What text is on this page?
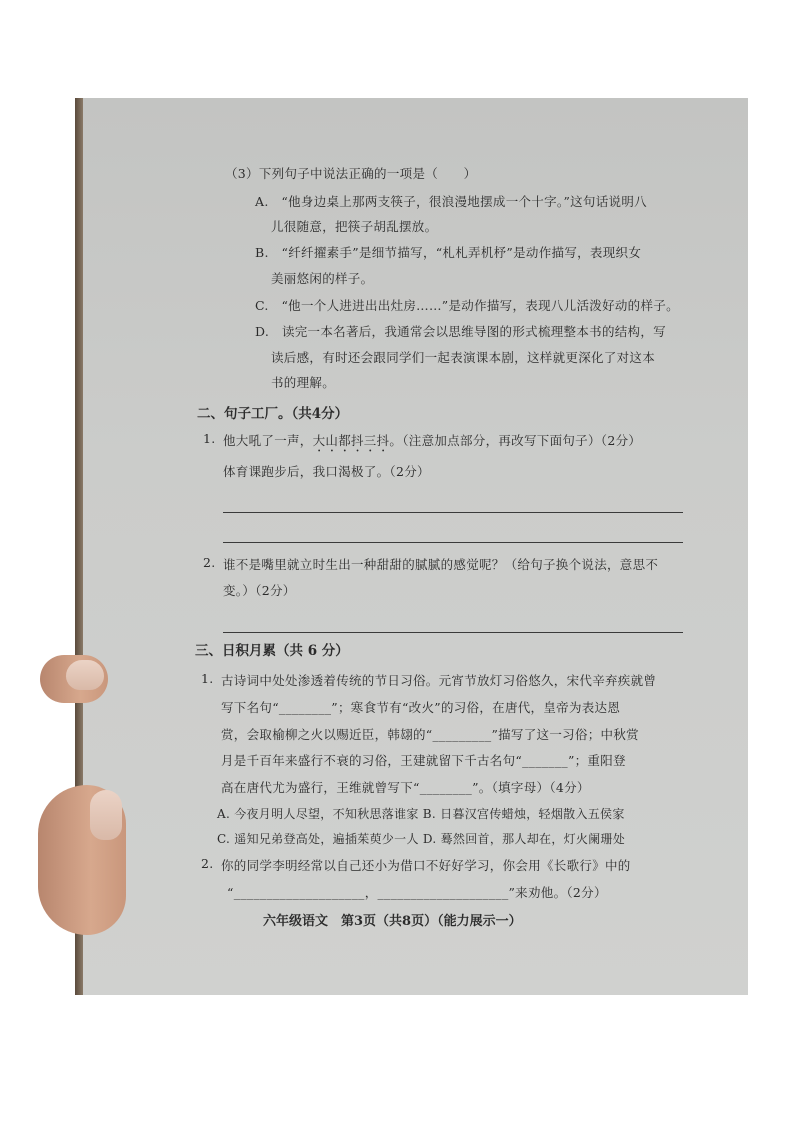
（3）下列句子中说法正确的一项是（　　）
A.　“他身边桌上那两支筷子，很浪漫地摆成一个十字。”这句话说明八
儿很随意，把筷子胡乱摆放。
B.　“纤纤擢素手”是细节描写，“札札弄机杼”是动作描写，表现织女
美丽悠闲的样子。
C.　“他一个人进进出出灶房……”是动作描写，表现八儿活泼好动的样子。
D.　读完一本名著后，我通常会以思维导图的形式梳理整本书的结构，写
读后感，有时还会跟同学们一起表演课本剧，这样就更深化了对这本
书的理解。
二、句子工厂。（共4分）
1. 他大吼了一声，大山都抖三抖。（注意加点部分，再改写下面句子）（2分）
体育课跑步后，我口渴极了。（2分）
2. 谁不是嘴里就立时生出一种甜甜的腻腻的感觉呢？（给句子换个说法，意思不
变。）（2分）
三、日积月累（共 6 分）
1. 古诗词中处处渗透着传统的节日习俗。元宵节放灯习俗悠久，宋代辛弃疾就曾
写下名句“________”；寒食节有“改火”的习俗，在唐代，皇帝为表达恩
赏，会取榆柳之火以赐近臣，韩翃的“_________”描写了这一习俗；中秋赏
月是千百年来盛行不衰的习俗，王建就留下千古名句“_______”；重阳登
高在唐代尤为盛行，王维就曾写下“________”。（填字母）（4分）
A. 今夜月明人尽望，不知秋思落谁家 B. 日暮汉宫传蜡烛，轻烟散入五侯家
C. 遥知兄弟登高处，遍插茱萸少一人 D. 蓦然回首，那人却在，灯火阑珊处
2. 你的同学李明经常以自己还小为借口不好好学习，你会用《长歌行》中的
“____________________，____________________”来劝他。（2分）
六年级语文　第3页（共8页）（能力展示一）
